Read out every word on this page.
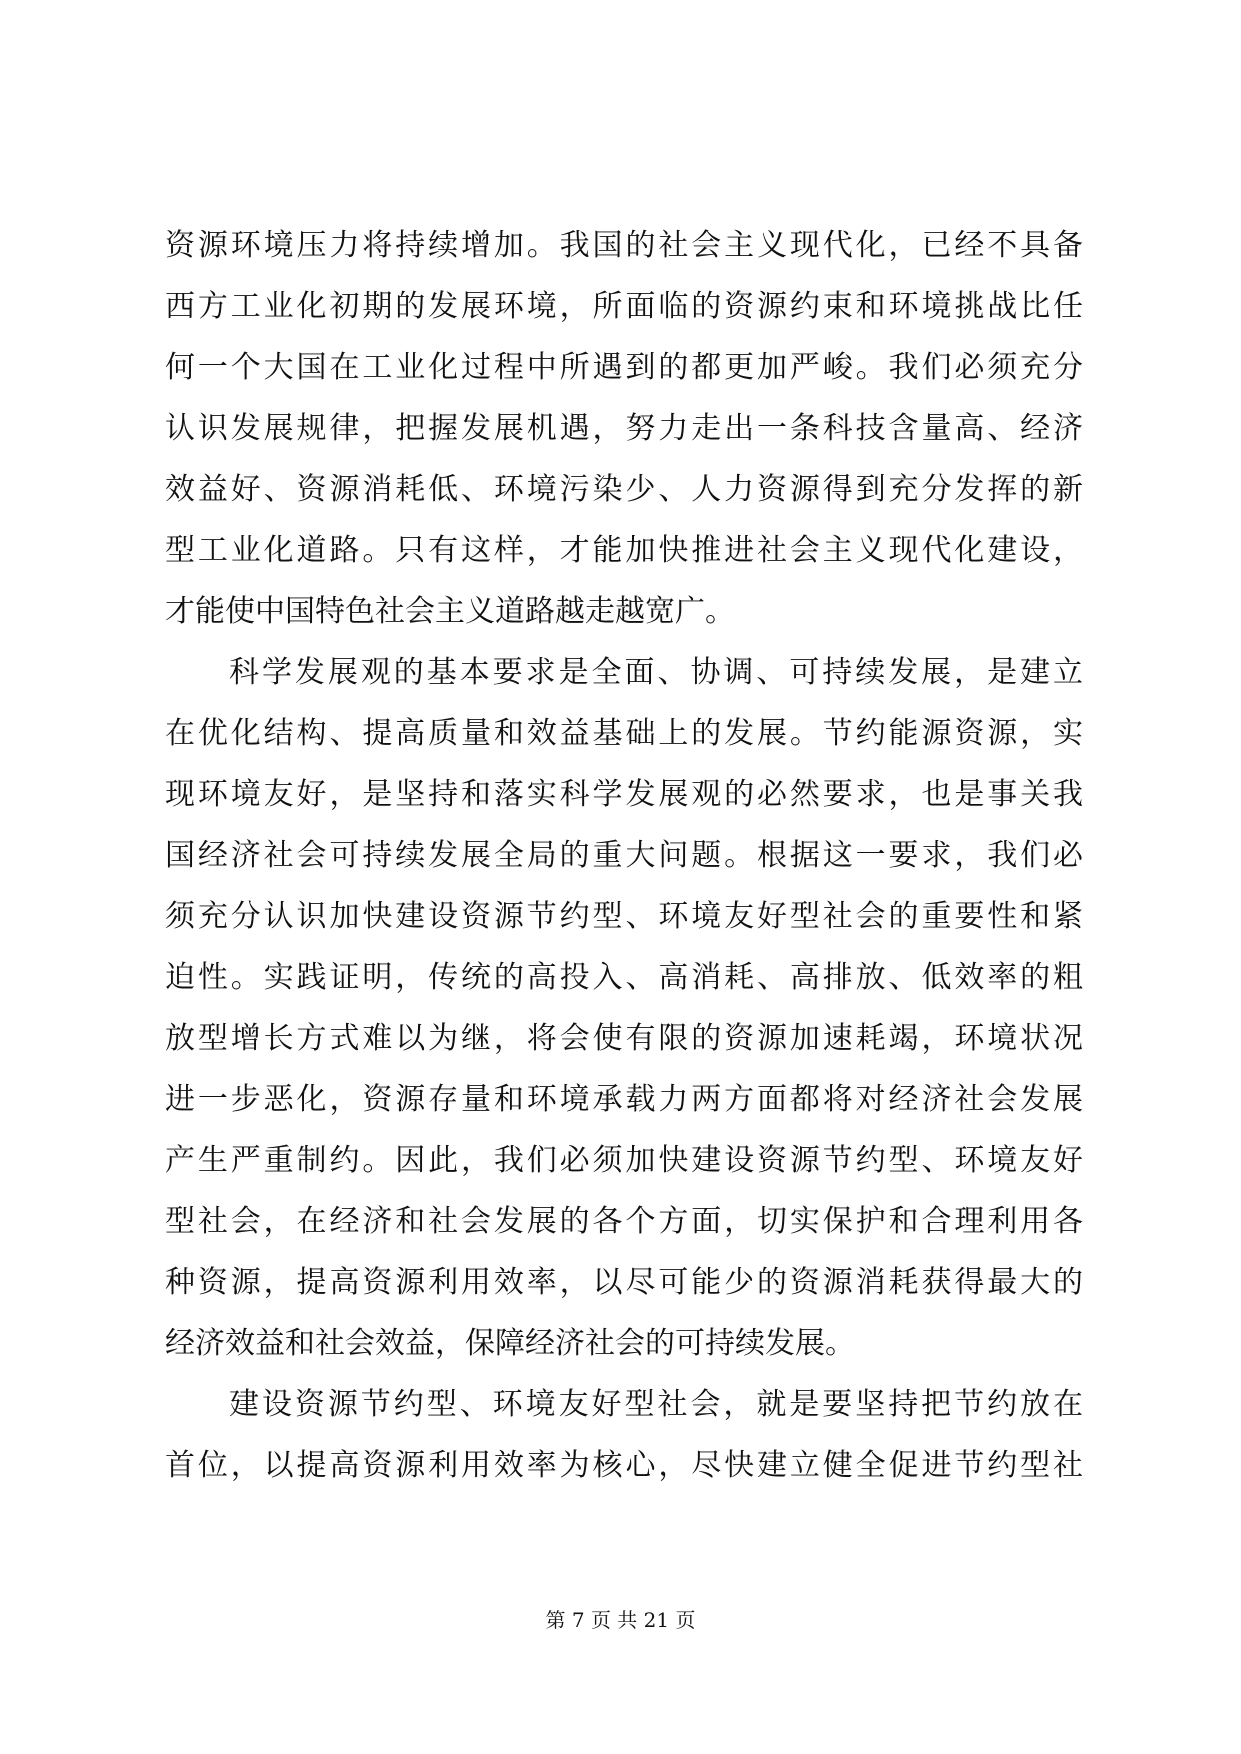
资源环境压力将持续增加。我国的社会主义现代化，已经不具备
西方工业化初期的发展环境，所面临的资源约束和环境挑战比任
何一个大国在工业化过程中所遇到的都更加严峻。我们必须充分
认识发展规律，把握发展机遇，努力走出一条科技含量高、经济
效益好、资源消耗低、环境污染少、人力资源得到充分发挥的新
型工业化道路。只有这样，才能加快推进社会主义现代化建设，
才能使中国特色社会主义道路越走越宽广。
科学发展观的基本要求是全面、协调、可持续发展，是建立
在优化结构、提高质量和效益基础上的发展。节约能源资源，实
现环境友好，是坚持和落实科学发展观的必然要求，也是事关我
国经济社会可持续发展全局的重大问题。根据这一要求，我们必
须充分认识加快建设资源节约型、环境友好型社会的重要性和紧
迫性。实践证明，传统的高投入、高消耗、高排放、低效率的粗
放型增长方式难以为继，将会使有限的资源加速耗竭，环境状况
进一步恶化，资源存量和环境承载力两方面都将对经济社会发展
产生严重制约。因此，我们必须加快建设资源节约型、环境友好
型社会，在经济和社会发展的各个方面，切实保护和合理利用各
种资源，提高资源利用效率，以尽可能少的资源消耗获得最大的
经济效益和社会效益，保障经济社会的可持续发展。
建设资源节约型、环境友好型社会，就是要坚持把节约放在
首位，以提高资源利用效率为核心，尽快建立健全促进节约型社
第 7 页 共 21 页
